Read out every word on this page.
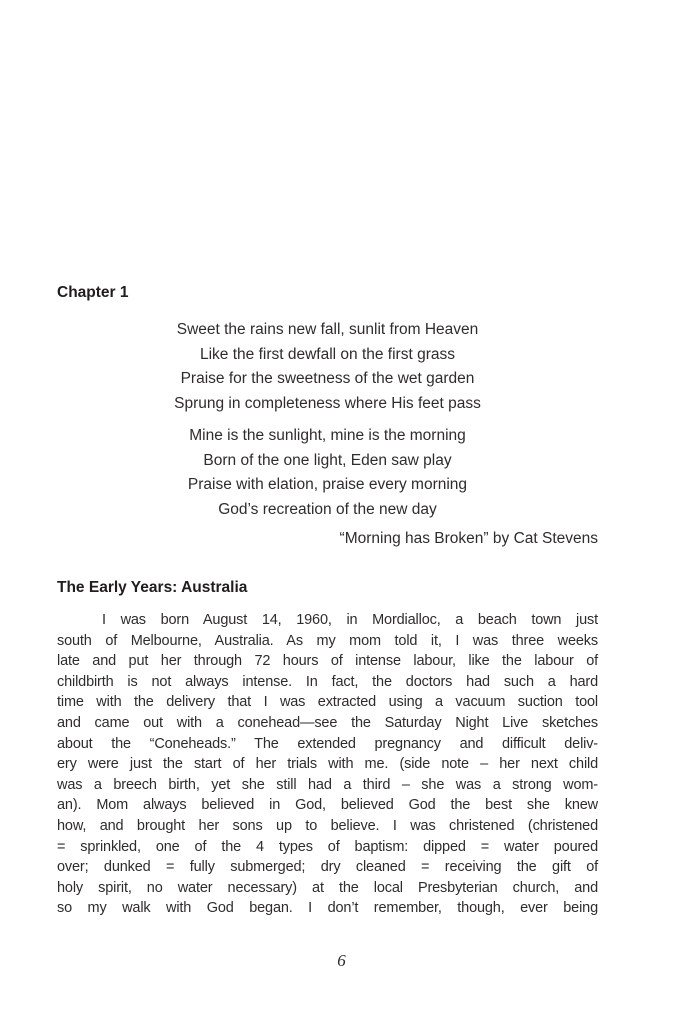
Chapter 1
Sweet the rains new fall, sunlit from Heaven
Like the first dewfall on the first grass
Praise for the sweetness of the wet garden
Sprung in completeness where His feet pass
Mine is the sunlight, mine is the morning
Born of the one light, Eden saw play
Praise with elation, praise every morning
God’s recreation of the new day
“Morning has Broken” by Cat Stevens
The Early Years: Australia
I was born August 14, 1960, in Mordialloc, a beach town just
south of Melbourne, Australia. As my mom told it, I was three weeks
late and put her through 72 hours of intense labour, like the labour of
childbirth is not always intense. In fact, the doctors had such a hard
time with the delivery that I was extracted using a vacuum suction tool
and came out with a conehead—see the Saturday Night Live sketches
about the “Coneheads.” The extended pregnancy and difficult deliv-
ery were just the start of her trials with me. (side note – her next child
was a breech birth, yet she still had a third – she was a strong wom-
an). Mom always believed in God, believed God the best she knew
how, and brought her sons up to believe. I was christened (christened
= sprinkled, one of the 4 types of baptism: dipped = water poured
over; dunked = fully submerged; dry cleaned = receiving the gift of
holy spirit, no water necessary) at the local Presbyterian church, and
so my walk with God began. I don’t remember, though, ever being
6
